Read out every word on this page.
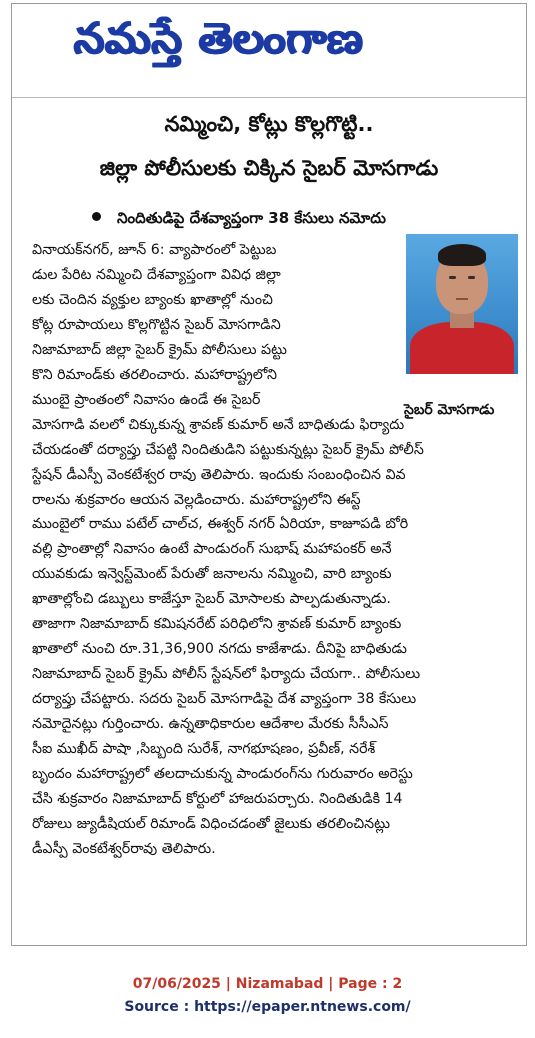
నమస్తే తెలంగాణ
నమ్మించి, కోట్లు కొల్లగొట్టి..
జిల్లా పోలీసులకు చిక్కిన సైబర్ మోసగాడు
నిందితుడిపై దేశవ్యాప్తంగా 38 కేసులు నమోదు
సైబర్ మోసగాడు
వినాయక్‌నగర్, జూన్ 6: వ్యాపారంలో పెట్టుబ
డుల పేరిట నమ్మించి దేశవ్యాప్తంగా వివిధ జిల్లా
లకు చెందిన వ్యక్తుల బ్యాంకు ఖాతాల్లో నుంచి
కోట్ల రూపాయలు కొల్లగొట్టిన సైబర్ మోసగాడిని
నిజామాబాద్ జిల్లా సైబర్ క్రైమ్ పోలీసులు పట్టు
కొని రిమాండ్‌కు తరలించారు. మహారాష్ట్రలోని
ముంబై ప్రాంతంలో నివాసం ఉండే ఈ సైబర్
మోసగాడి వలలో చిక్కుకున్న శ్రావణ్ కుమార్ అనే బాధితుడు ఫిర్యాదు
చేయడంతో దర్యాప్తు చేపట్టి నిందితుడిని పట్టుకున్నట్లు సైబర్ క్రైమ్ పోలీస్
స్టేషన్ డీఎస్పీ వెంకటేశ్వర రావు తెలిపారు. ఇందుకు సంబంధించిన వివ
రాలను శుక్రవారం ఆయన వెల్లడించారు. మహారాష్ట్రలోని ఈస్ట్
ముంబైలో రాము పటేల్ చాల్‌చ, ఈశ్వర్ నగర్ ఏరియా, కాజూపడి బోరి
వల్లి ప్రాంతాల్లో నివాసం ఉంటే పాండురంగ్ సుభాష్ మహాపంకర్ అనే
యువకుడు ఇన్వెస్ట్‌మెంట్ పేరుతో జనాలను నమ్మించి, వారి బ్యాంకు
ఖాతాల్లోంచి డబ్బులు కాజేస్తూ సైబర్ మోసాలకు పాల్పడుతున్నాడు.
తాజాగా నిజామాబాద్ కమిషనరేట్ పరిధిలోని శ్రావణ్ కుమార్ బ్యాంకు
ఖాతాలో నుంచి రూ.31,36,900 నగదు కాజేశాడు. దీనిపై బాధితుడు
నిజామాబాద్ సైబర్ క్రైమ్ పోలీస్ స్టేషన్‌లో ఫిర్యాదు చేయగా.. పోలీసులు
దర్యాప్తు చేపట్టారు. సదరు సైబర్ మోసగాడిపై దేశ వ్యాప్తంగా 38 కేసులు
నమోదైనట్లు గుర్తించారు. ఉన్నతాధికారుల ఆదేశాల మేరకు సీసీఎస్
సీఐ ముఖీద్ పాషా ,సిబ్బంది సురేశ్, నాగభూషణం, ప్రవీణ్, నరేశ్
బృందం మహారాష్ట్రలో తలదాచుకున్న పాండురంగ్‌ను గురువారం అరెస్టు
చేసి శుక్రవారం నిజామాబాద్ కోర్టులో హాజరుపర్చారు. నిందితుడికి 14
రోజులు జ్యుడీషియల్ రిమాండ్ విధించడంతో జైలుకు తరలించినట్లు
డీఎస్పీ వెంకటేశ్వర్‌రావు తెలిపారు.
07/06/2025 | Nizamabad | Page : 2
Source : https://epaper.ntnews.com/
